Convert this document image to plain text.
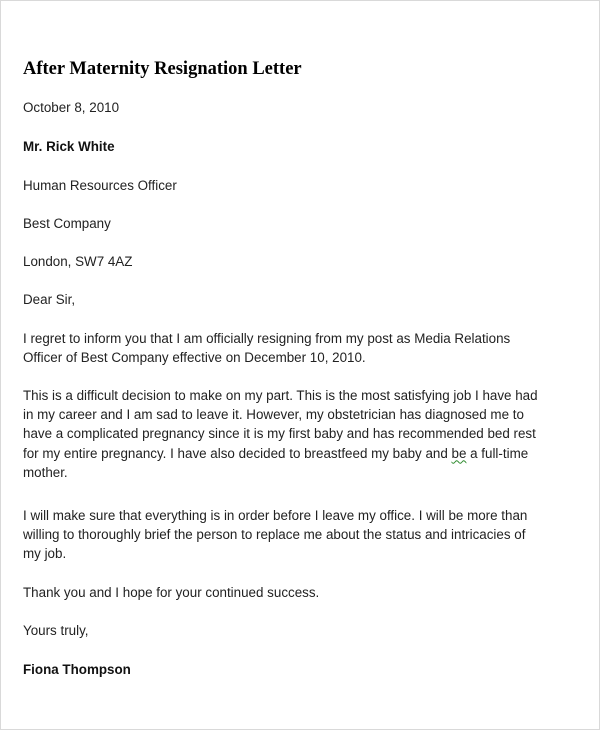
After Maternity Resignation Letter

October 8, 2010

Mr. Rick White

Human Resources Officer

Best Company

London, SW7 4AZ

Dear Sir,

I regret to inform you that I am officially resigning from my post as Media Relations
Officer of Best Company effective on December 10, 2010.
This is a difficult decision to make on my part. This is the most satisfying job I have had
in my career and I am sad to leave it. However, my obstetrician has diagnosed me to
have a complicated pregnancy since it is my first baby and has recommended bed rest
for my entire pregnancy. I have also decided to breastfeed my baby and be a full-time
mother.
I will make sure that everything is in order before I leave my office. I will be more than
willing to thoroughly brief the person to replace me about the status and intricacies of
my job.

Thank you and I hope for your continued success.

Yours truly,

Fiona Thompson
